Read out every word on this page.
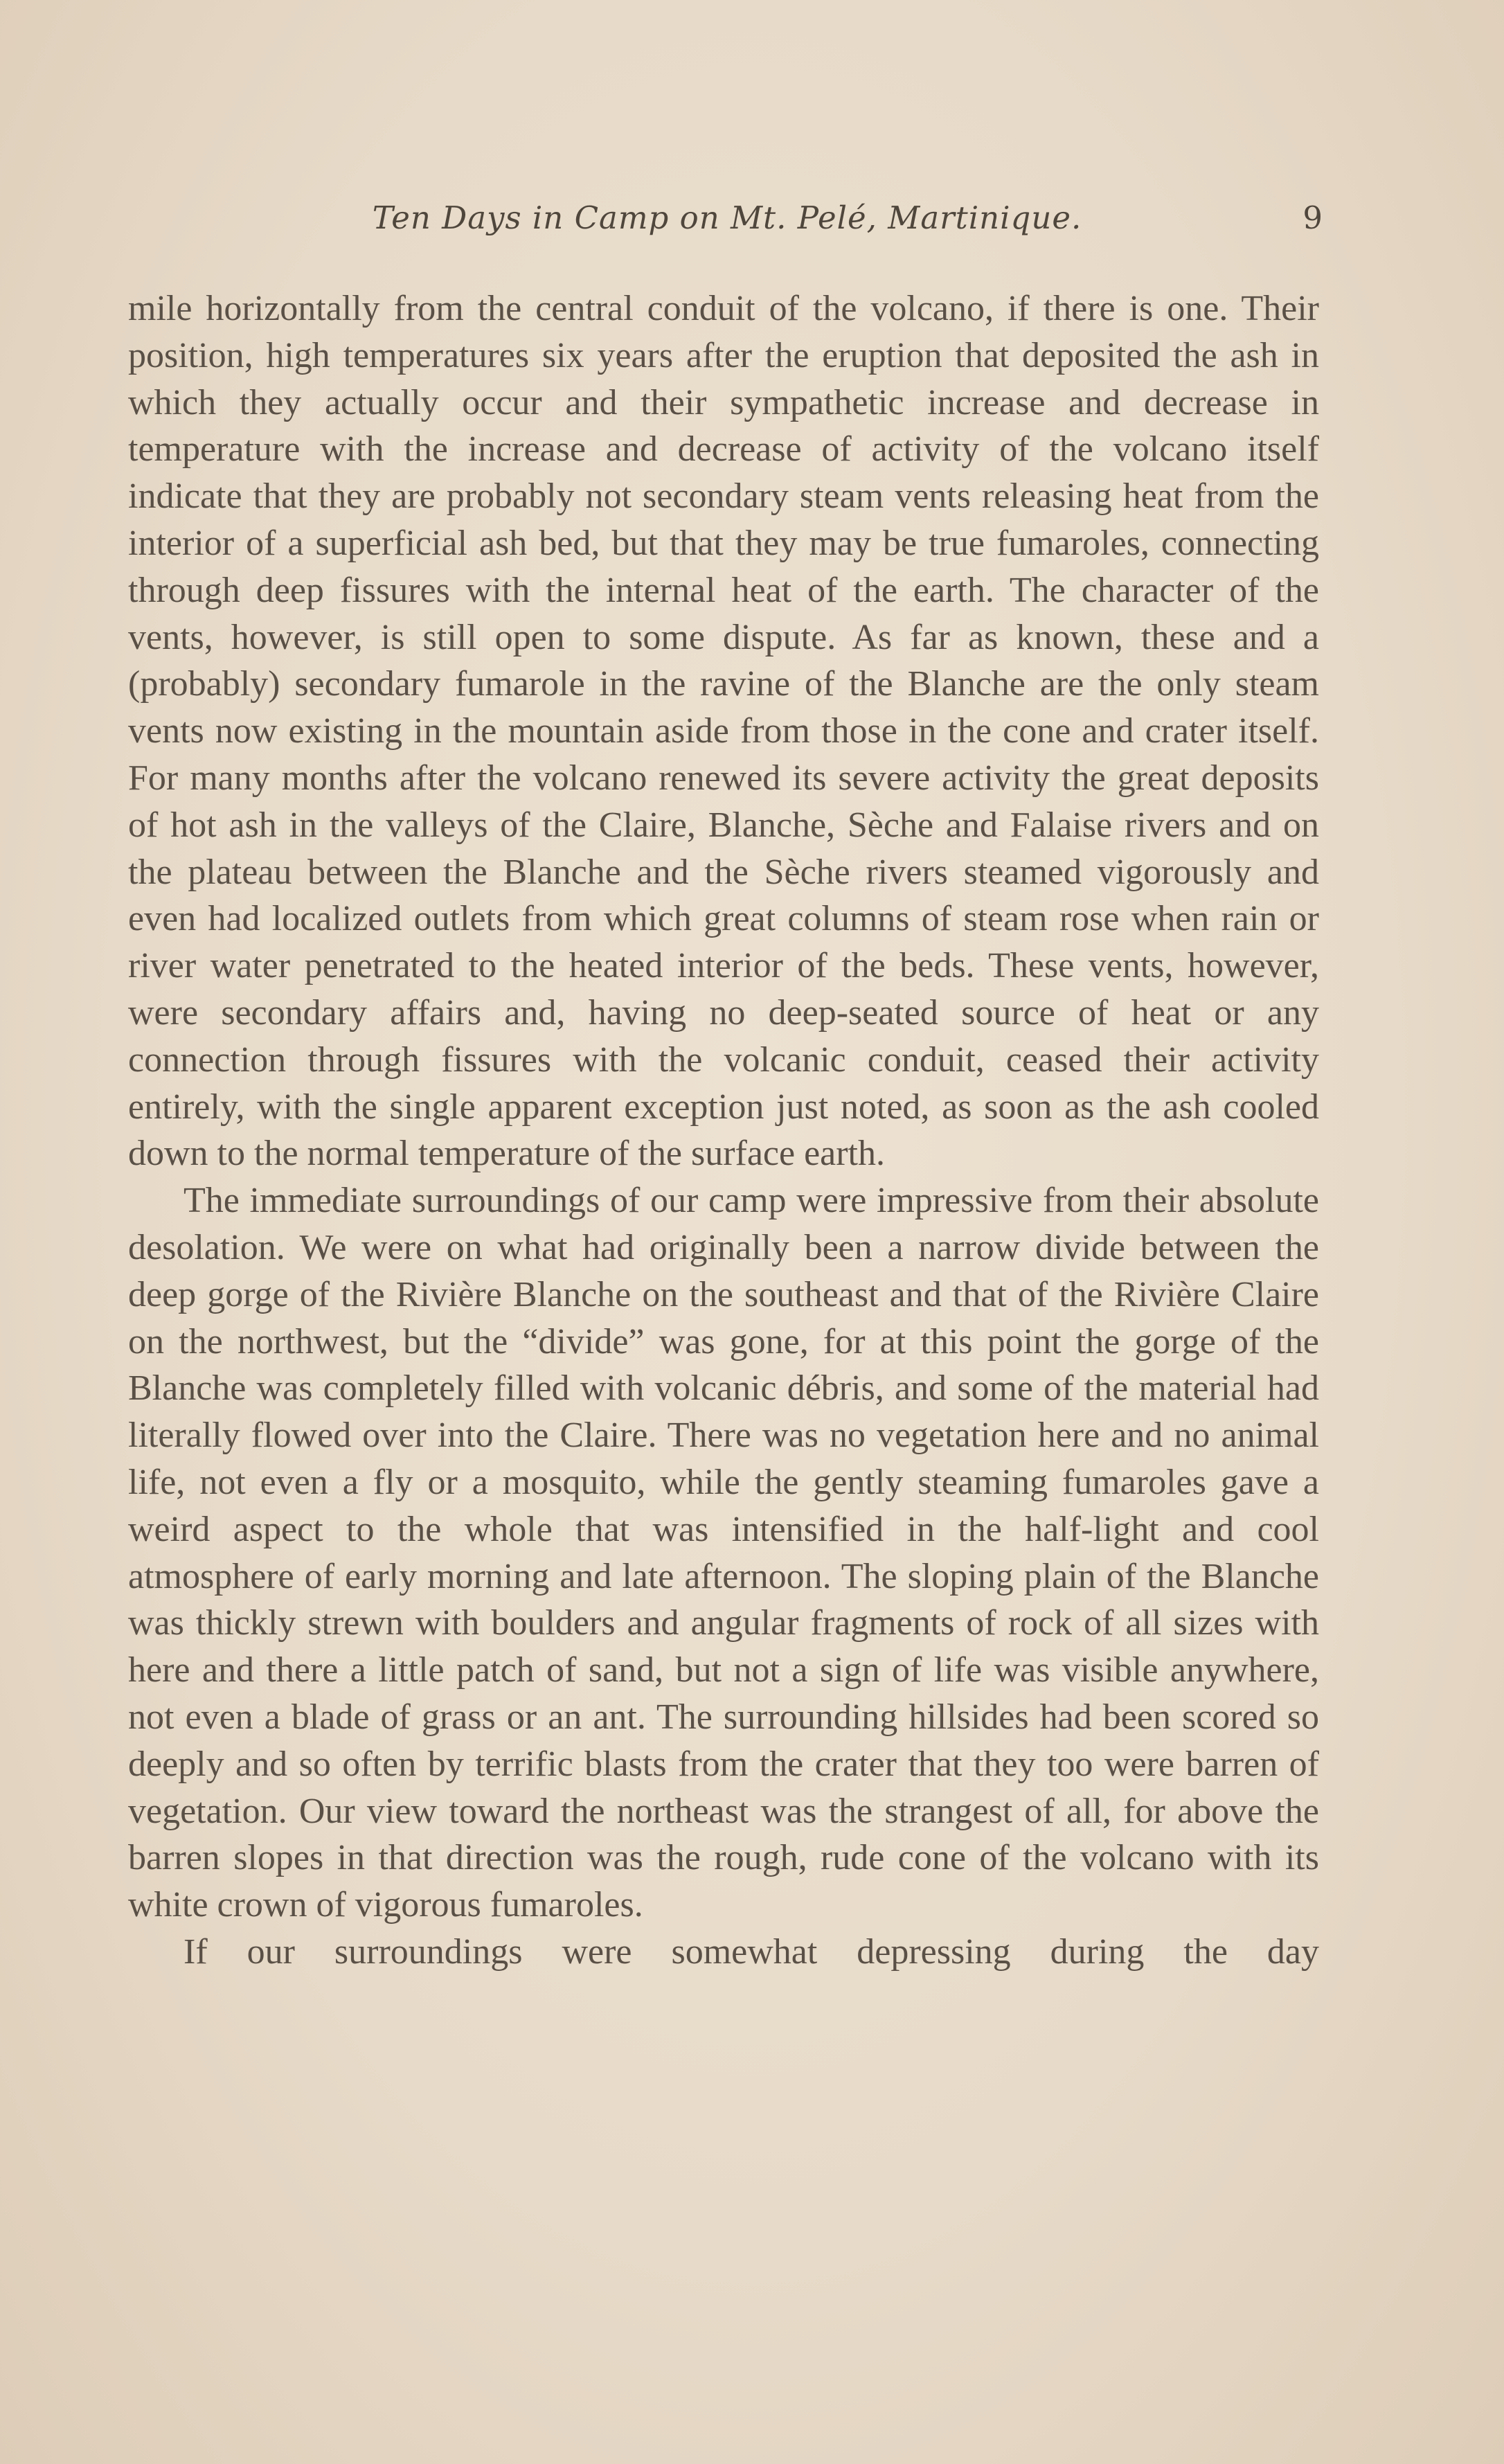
Ten Days in Camp on Mt. Pelé, Martinique.	9

mile horizontally from the central conduit of the volcano, if there is one. Their position, high temperatures six years after the eruption that deposited the ash in which they actually occur and their sympathetic increase and decrease in temperature with the increase and decrease of activity of the volcano itself indicate that they are probably not secondary steam vents releasing heat from the interior of a superficial ash bed, but that they may be true fumaroles, connecting through deep fissures with the internal heat of the earth. The character of the vents, however, is still open to some dispute. As far as known, these and a (probably) secondary fumarole in the ravine of the Blanche are the only steam vents now existing in the mountain aside from those in the cone and crater itself. For many months after the volcano renewed its severe activity the great deposits of hot ash in the valleys of the Claire, Blanche, Sèche and Falaise rivers and on the plateau between the Blanche and the Sèche rivers steamed vigorously and even had localized outlets from which great columns of steam rose when rain or river water penetrated to the heated interior of the beds. These vents, however, were secondary affairs and, having no deep-seated source of heat or any connection through fissures with the volcanic conduit, ceased their activity entirely, with the single apparent exception just noted, as soon as the ash cooled down to the normal temperature of the surface earth.

The immediate surroundings of our camp were impressive from their absolute desolation. We were on what had originally been a narrow divide between the deep gorge of the Rivière Blanche on the southeast and that of the Rivière Claire on the northwest, but the “divide” was gone, for at this point the gorge of the Blanche was completely filled with volcanic débris, and some of the material had literally flowed over into the Claire. There was no vegetation here and no animal life, not even a fly or a mosquito, while the gently steaming fumaroles gave a weird aspect to the whole that was intensified in the half-light and cool atmosphere of early morning and late afternoon. The sloping plain of the Blanche was thickly strewn with boulders and angular fragments of rock of all sizes with here and there a little patch of sand, but not a sign of life was visible anywhere, not even a blade of grass or an ant. The surrounding hillsides had been scored so deeply and so often by terrific blasts from the crater that they too were barren of vegetation. Our view toward the northeast was the strangest of all, for above the barren slopes in that direction was the rough, rude cone of the volcano with its white crown of vigorous fumaroles.

If our surroundings were somewhat depressing during the day
